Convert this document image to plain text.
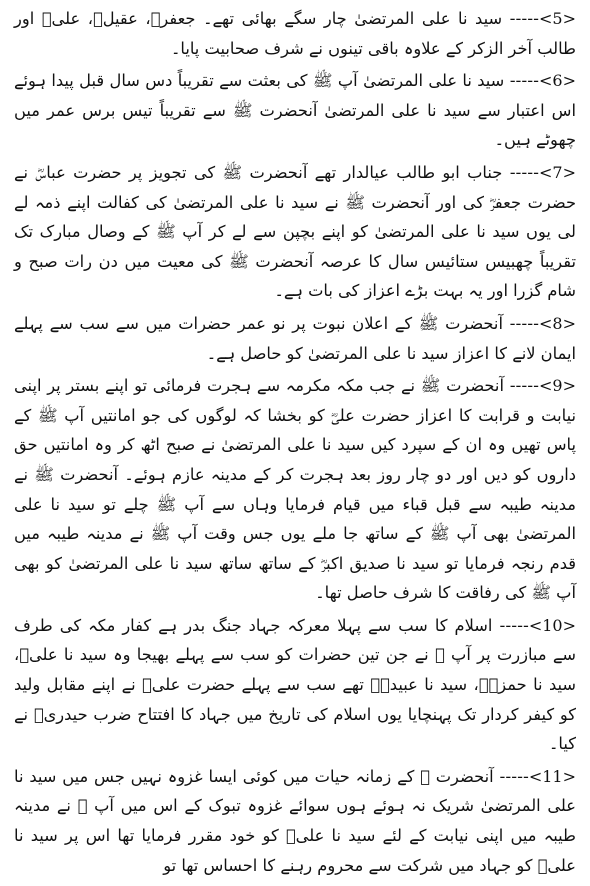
<5>----- سید نا علی المرتضیٰ چار سگے بھائی تھے۔ جعفرؓ، عقیلؓ، علیؓ اور طالب آخر الزکر کے علاوہ باقی تینوں نے شرف صحابیت پایا۔

<6>----- سید نا علی المرتضیٰ آپ ﷺ کی بعثت سے تقریباً دس سال قبل پیدا ہوئے اس اعتبار سے سید نا علی المرتضیٰ آنحضرت ﷺ سے تقریباً تیس برس عمر میں چھوٹے ہیں۔

<7>----- جناب ابو طالب عیالدار تھے آنحضرت ﷺ کی تجویز پر حضرت عباسؓ نے حضرت جعفرؓ کی اور آنحضرت ﷺ نے سید نا علی المرتضیٰ کی کفالت اپنے ذمہ لے لی یوں سید نا علی المرتضیٰ کو اپنے بچپن سے لے کر آپ ﷺ کے وصال مبارک تک تقریباً چھبیس ستائیس سال کا عرصہ آنحضرت ﷺ کی معیت میں دن رات صبح و شام گزرا اور یہ بہت بڑے اعزاز کی بات ہے۔

<8>----- آنحضرت ﷺ کے اعلان نبوت پر نو عمر حضرات میں سے سب سے پہلے ایمان لانے کا اعزاز سید نا علی المرتضیٰ کو حاصل ہے۔

<9>----- آنحضرت ﷺ نے جب مکہ مکرمہ سے ہجرت فرمائی تو اپنے بستر پر اپنی نیابت و قرابت کا اعزاز حضرت علیؓ کو بخشا کہ لوگوں کی جو امانتیں آپ ﷺ کے پاس تھیں وہ ان کے سپرد کیں سید نا علی المرتضیٰ نے صبح اٹھ کر وہ امانتیں حق داروں کو دیں اور دو چار روز بعد ہجرت کر کے مدینہ عازم ہوئے۔ آنحضرت ﷺ نے مدینہ طیبہ سے قبل قباء میں قیام فرمایا وہاں سے آپ ﷺ چلے تو سید نا علی المرتضیٰ بھی آپ ﷺ کے ساتھ جا ملے یوں جس وقت آپ ﷺ نے مدینہ طیبہ میں قدم رنجہ فرمایا تو سید نا صدیق اکبرؓ کے ساتھ ساتھ سید نا علی المرتضیٰ کو بھی آپ ﷺ کی رفاقت کا شرف حاصل تھا۔

<10>----- اسلام کا سب سے پہلا معرکہ جہاد جنگ بدر ہے کفار مکہ کی طرف سے مبازرت پر آپ ﷺ نے جن تین حضرات کو سب سے پہلے بھیجا وہ سید نا علیؓ، سید نا حمزہؓ، سید نا عبیدہؓ تھے سب سے پہلے حضرت علیؓ نے اپنے مقابل ولید کو کیفر کردار تک پہنچایا یوں اسلام کی تاریخ میں جہاد کا افتتاح ضرب حیدریؓ نے کیا۔

<11>----- آنحضرت ﷺ کے زمانہ حیات میں کوئی ایسا غزوہ نہیں جس میں سید نا علی المرتضیٰ شریک نہ ہوئے ہوں سوائے غزوہ تبوک کے اس میں آپ ﷺ نے مدینہ طیبہ میں اپنی نیابت کے لئے سید نا علیؓ کو خود مقرر فرمایا تھا اس پر سید نا علیؓ کو جہاد میں شرکت سے محروم رہنے کا احساس تھا تو
